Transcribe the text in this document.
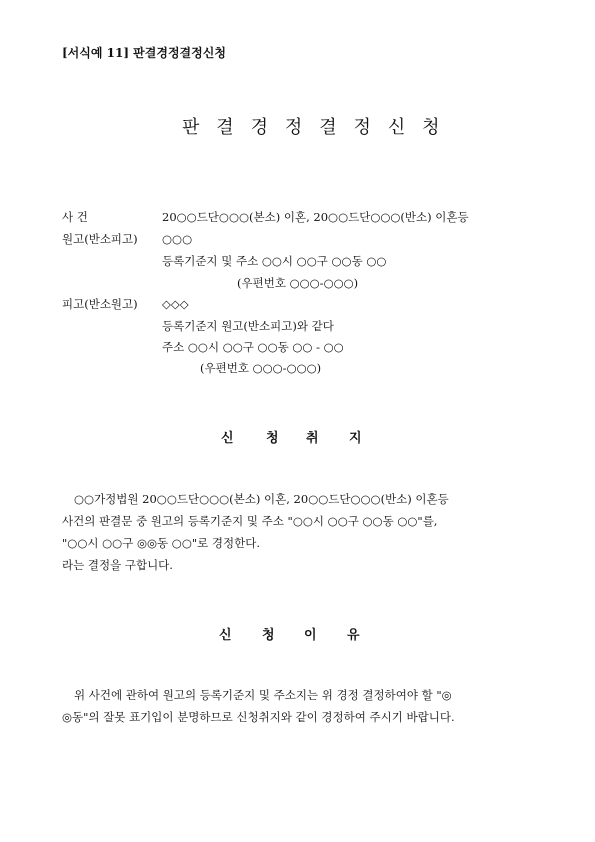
[서식예 11] 판결경정결정신청
판 결 경 정 결 정 신 청
사 건	20○○드단○○○(본소) 이혼, 20○○드단○○○(반소) 이혼등
원고(반소피고) ○○○
등록기준지 및 주소 ○○시 ○○구 ○○동 ○○
(우편번호 ○○○-○○○)
피고(반소원고) ◇◇◇
등록기준지 원고(반소피고)와 같다
주소 ○○시 ○○구 ○○동 ○○ - ○○
(우편번호 ○○○-○○○)
신 청 취 지
○○가정법원 20○○드단○○○(본소) 이혼, 20○○드단○○○(반소) 이혼등
사건의 판결문 중 원고의 등록기준지 및 주소 "○○시 ○○구 ○○동 ○○"를,
"○○시 ○○구 ◎◎동 ○○"로 경정한다.
라는 결정을 구합니다.
신 청 이 유
위 사건에 관하여 원고의 등록기준지 및 주소지는 위 경정 결정하여야 할 "◎
◎동"의 잘못 표기입이 분명하므로 신청취지와 같이 경정하여 주시기 바랍니다.
